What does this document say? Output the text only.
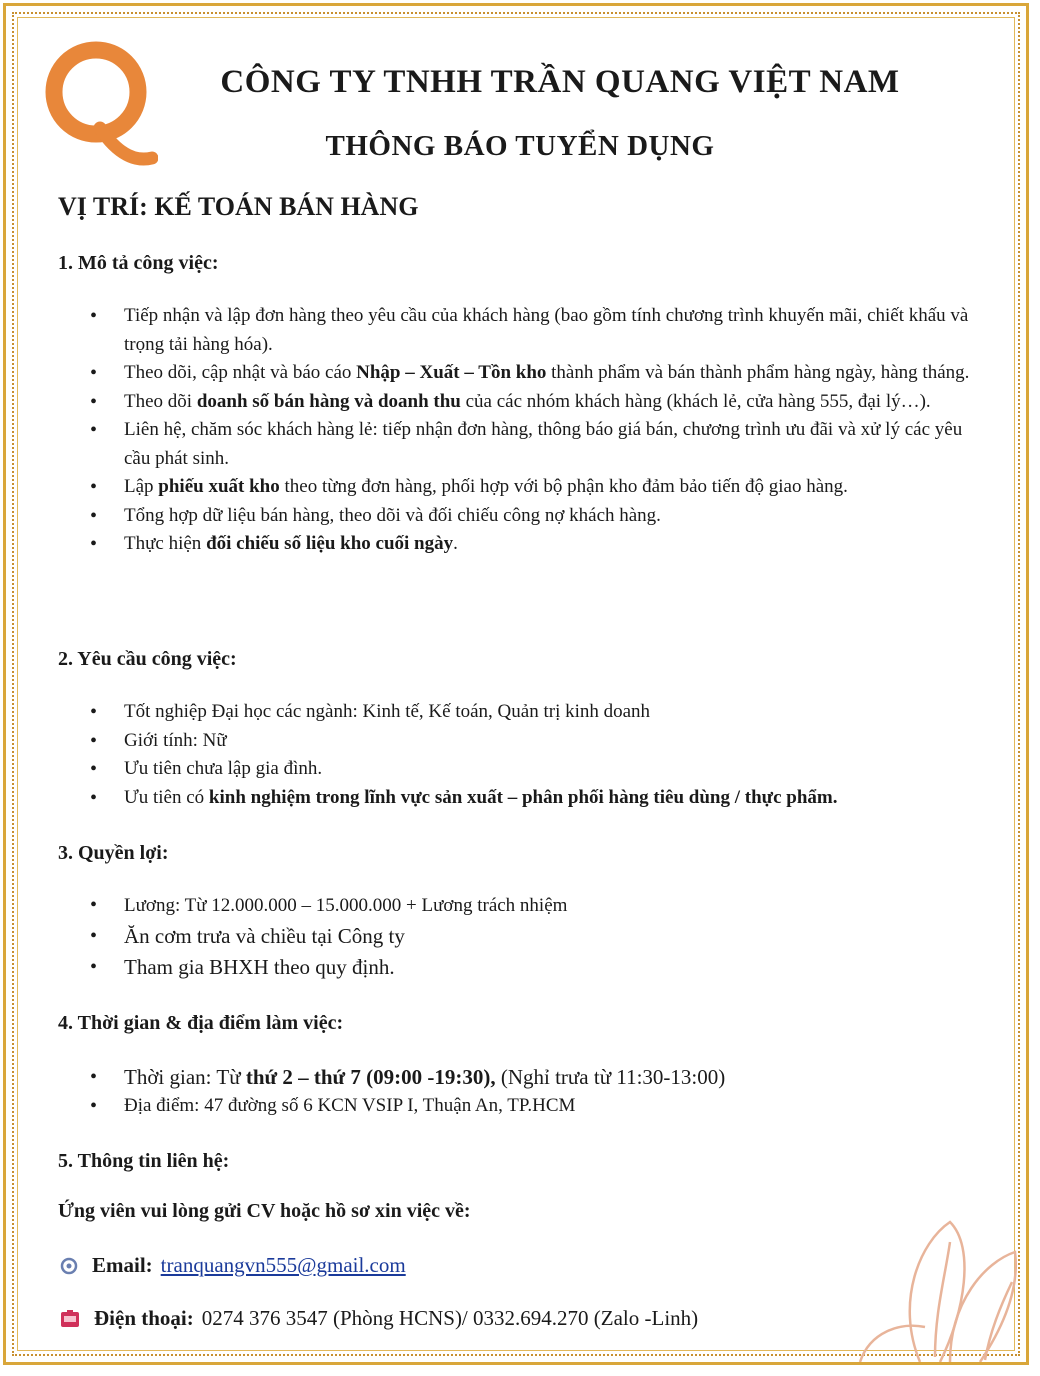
CÔNG TY TNHH TRẦN QUANG VIỆT NAM
THÔNG BÁO TUYỂN DỤNG
VỊ TRÍ: KẾ TOÁN BÁN HÀNG
1. Mô tả công việc:
• Tiếp nhận và lập đơn hàng theo yêu cầu của khách hàng (bao gồm tính chương trình khuyến mãi, chiết khấu và trọng tải hàng hóa).
• Theo dõi, cập nhật và báo cáo Nhập – Xuất – Tồn kho thành phẩm và bán thành phẩm hàng ngày, hàng tháng.
• Theo dõi doanh số bán hàng và doanh thu của các nhóm khách hàng (khách lẻ, cửa hàng 555, đại lý…).
• Liên hệ, chăm sóc khách hàng lẻ: tiếp nhận đơn hàng, thông báo giá bán, chương trình ưu đãi và xử lý các yêu cầu phát sinh.
• Lập phiếu xuất kho theo từng đơn hàng, phối hợp với bộ phận kho đảm bảo tiến độ giao hàng.
• Tổng hợp dữ liệu bán hàng, theo dõi và đối chiếu công nợ khách hàng.
• Thực hiện đối chiếu số liệu kho cuối ngày.
2. Yêu cầu công việc:
• Tốt nghiệp Đại học các ngành: Kinh tế, Kế toán, Quản trị kinh doanh
• Giới tính: Nữ
• Ưu tiên chưa lập gia đình.
• Ưu tiên có kinh nghiệm trong lĩnh vực sản xuất – phân phối hàng tiêu dùng / thực phẩm.
3. Quyền lợi:
• Lương: Từ 12.000.000 – 15.000.000 + Lương trách nhiệm
• Ăn cơm trưa và chiều tại Công ty
• Tham gia BHXH theo quy định.
4. Thời gian & địa điểm làm việc:
• Thời gian: Từ thứ 2 – thứ 7 (09:00 -19:30), (Nghỉ trưa từ 11:30-13:00)
• Địa điểm: 47 đường số 6 KCN VSIP I, Thuận An, TP.HCM
5. Thông tin liên hệ:
Ứng viên vui lòng gửi CV hoặc hồ sơ xin việc về:
Email: tranquangvn555@gmail.com
Điện thoại: 0274 376 3547 (Phòng HCNS)/ 0332.694.270 (Zalo -Linh)
